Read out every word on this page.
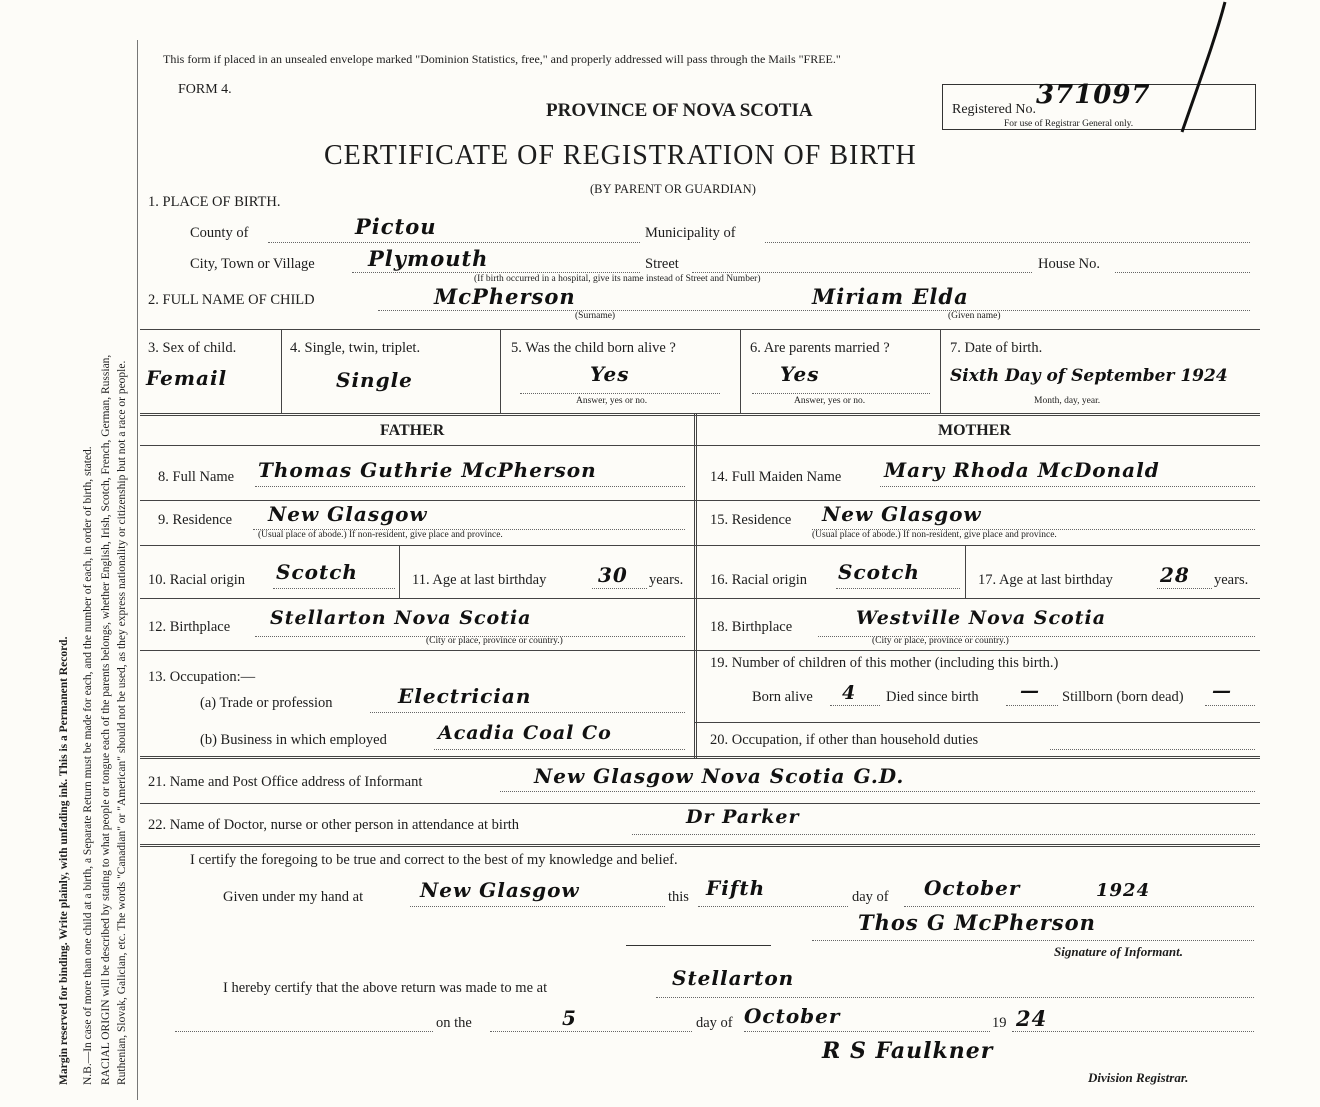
Margin reserved for binding. Write plainly, with unfading ink. This is a Permanent Record. N.B.—In case of more than one child at a birth, a Separate Return must be made for each, and the number of each, in order of birth, stated. RACIAL ORIGIN will be described by stating to what people or tongue each of the parents belongs, whether English, Irish, Scotch, French, German, Russian, Ruthenian, Slovak, Galician, etc. The words "Canadian" or "American" should not be used, as they express nationality or citizenship but not a race or people.
This form if placed in an unsealed envelope marked "Dominion Statistics, free," and properly addressed will pass through the Mails "FREE."
FORM 4.
PROVINCE OF NOVA SCOTIA
CERTIFICATE OF REGISTRATION OF BIRTH
(BY PARENT OR GUARDIAN)
Registered No. 371097
For use of Registrar General only.
1. PLACE OF BIRTH.
County of	Pictou	Municipality of
City, Town or Village	Plymouth	Street	House No.
(If birth occurred in a hospital, give its name instead of Street and Number)
2. FULL NAME OF CHILD	McPherson
(Surname)
Miriam Elda
(Given name)
3. Sex of child.
Femail
4. Single, twin, triplet.
Single
5. Was the child born alive ?
Yes
Answer, yes or no.
6. Are parents married ?
Yes
Answer, yes or no.
7. Date of birth.
Sixth Day of September 1924
Month, day, year.
FATHER	MOTHER
8. Full Name Thomas Guthrie McPherson
9. Residence New Glasgow
(Usual place of abode.) If non-resident, give place and province.
10. Racial origin Scotch	11. Age at last birthday	30 years.
12. Birthplace Stellarton Nova Scotia
(City or place, province or country.)
13. Occupation:—
(a) Trade or profession	Electrician
(b) Business in which employed	Acadia Coal Co
14. Full Maiden Name Mary Rhoda McDonald
15. Residence New Glasgow
(Usual place of abode.) If non-resident, give place and province.
16. Racial origin Scotch	17. Age at last birthday 28 years.
18. Birthplace	Westville Nova Scotia
(City or place, province or country.)
19. Number of children of this mother (including this birth.)
Born alive 4 Died since birth — Stillborn (born dead) —
20. Occupation, if other than household duties
21. Name and Post Office address of Informant	New Glasgow Nova Scotia G.D.
22. Name of Doctor, nurse or other person in attendance at birth	Dr Parker
I certify the foregoing to be true and correct to the best of my knowledge and belief.
Given under my hand at	New Glasgow	this Fifth	day of October	1924
Thos G McPherson
Signature of Informant.
I hereby certify that the above return was made to me at	Stellarton
on the	5	day of October	19 24
R S Faulkner
Division Registrar.
